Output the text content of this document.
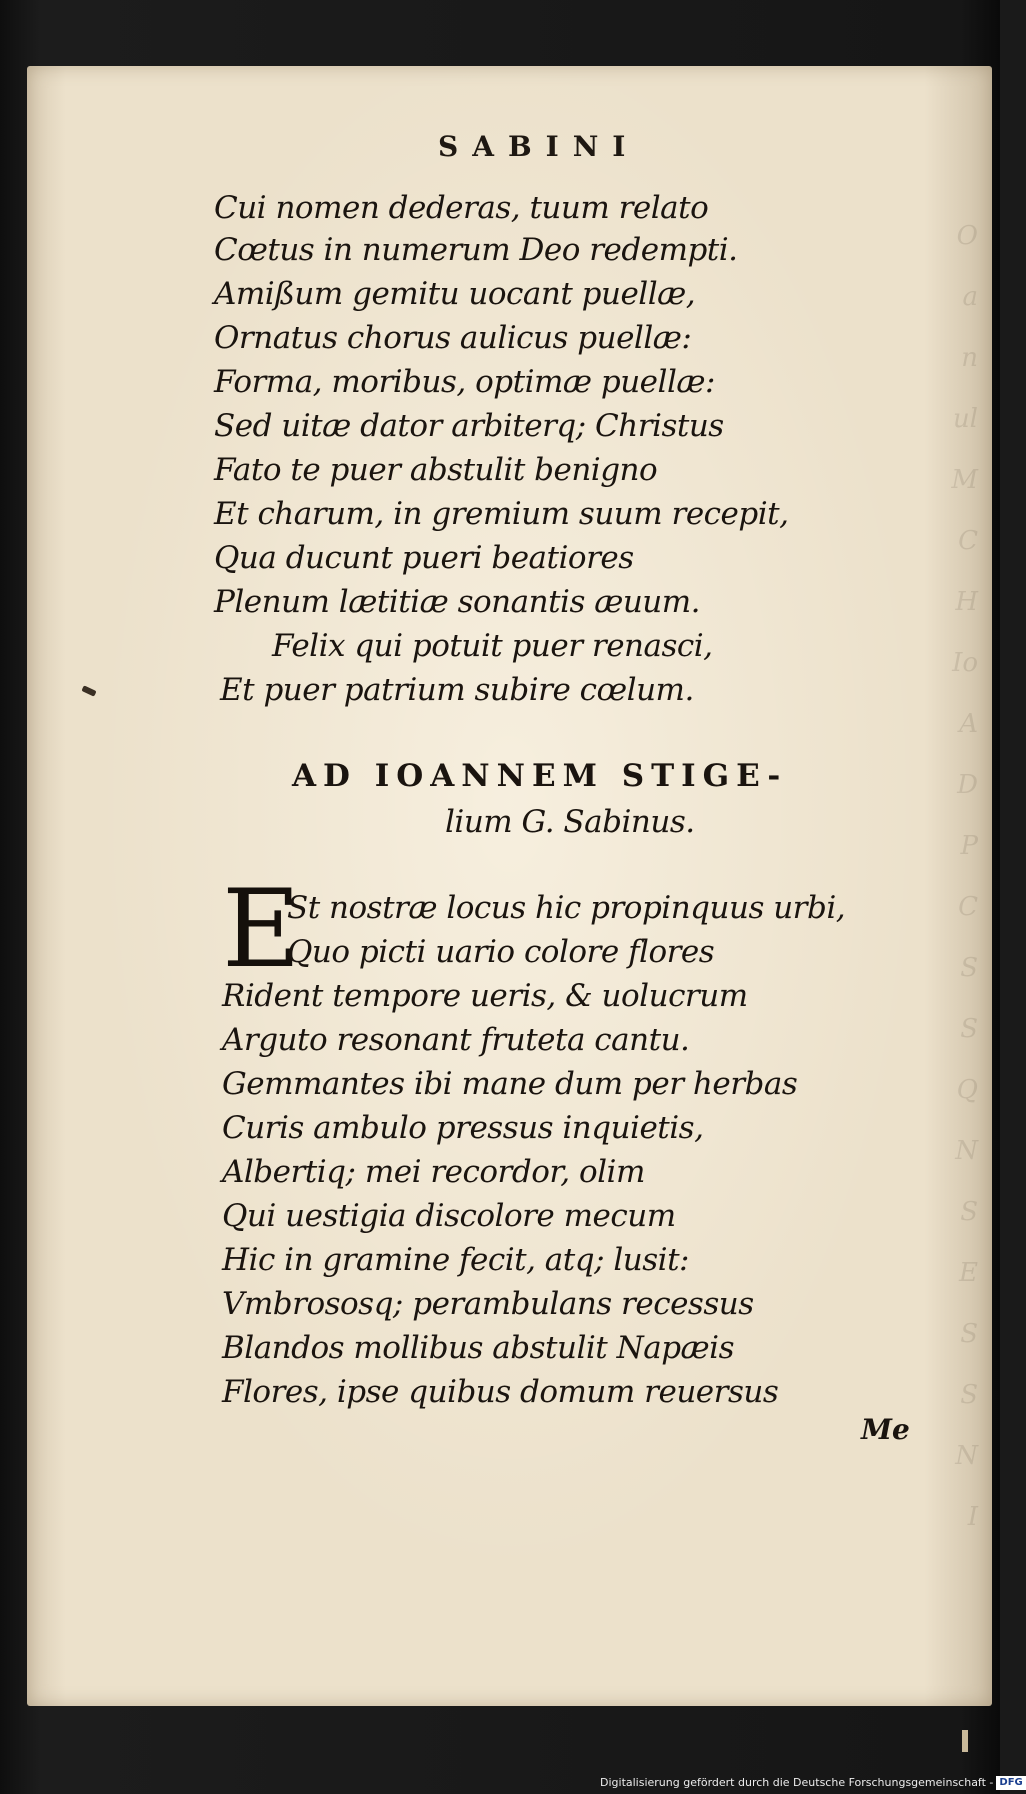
O
a
n
ul
M
C
H
Io
A
D
P
C
S
S
Q
N
S
E
S
S
N
I
SABINI
Cui nomen dederas, tuum relato
Cœtus in numerum Deo redempti.
Amißum gemitu uocant puellæ,
Ornatus chorus aulicus puellæ:
Forma, moribus, optimæ puellæ:
Sed uitæ dator arbiterq; Christus
Fato te puer abstulit benigno
Et charum, in gremium suum recepit,
Qua ducunt pueri beatiores
Plenum lætitiæ sonantis æuum.
Felix qui potuit puer renasci,
Et puer patrium subire cœlum.
AD IOANNEM STIGE-
lium G. Sabinus.
E
St nostræ locus hic propinquus urbi,
Quo picti uario colore flores
Rident tempore ueris, & uolucrum
Arguto resonant fruteta cantu.
Gemmantes ibi mane dum per herbas
Curis ambulo pressus inquietis,
Albertiq; mei recordor, olim
Qui uestigia discolore mecum
Hic in gramine fecit, atq; lusit:
Vmbrososq; perambulans recessus
Blandos mollibus abstulit Napæis
Flores, ipse quibus domum reuersus
Me
Digitalisierung gefördert durch die Deutsche Forschungsgemeinschaft - DFG
